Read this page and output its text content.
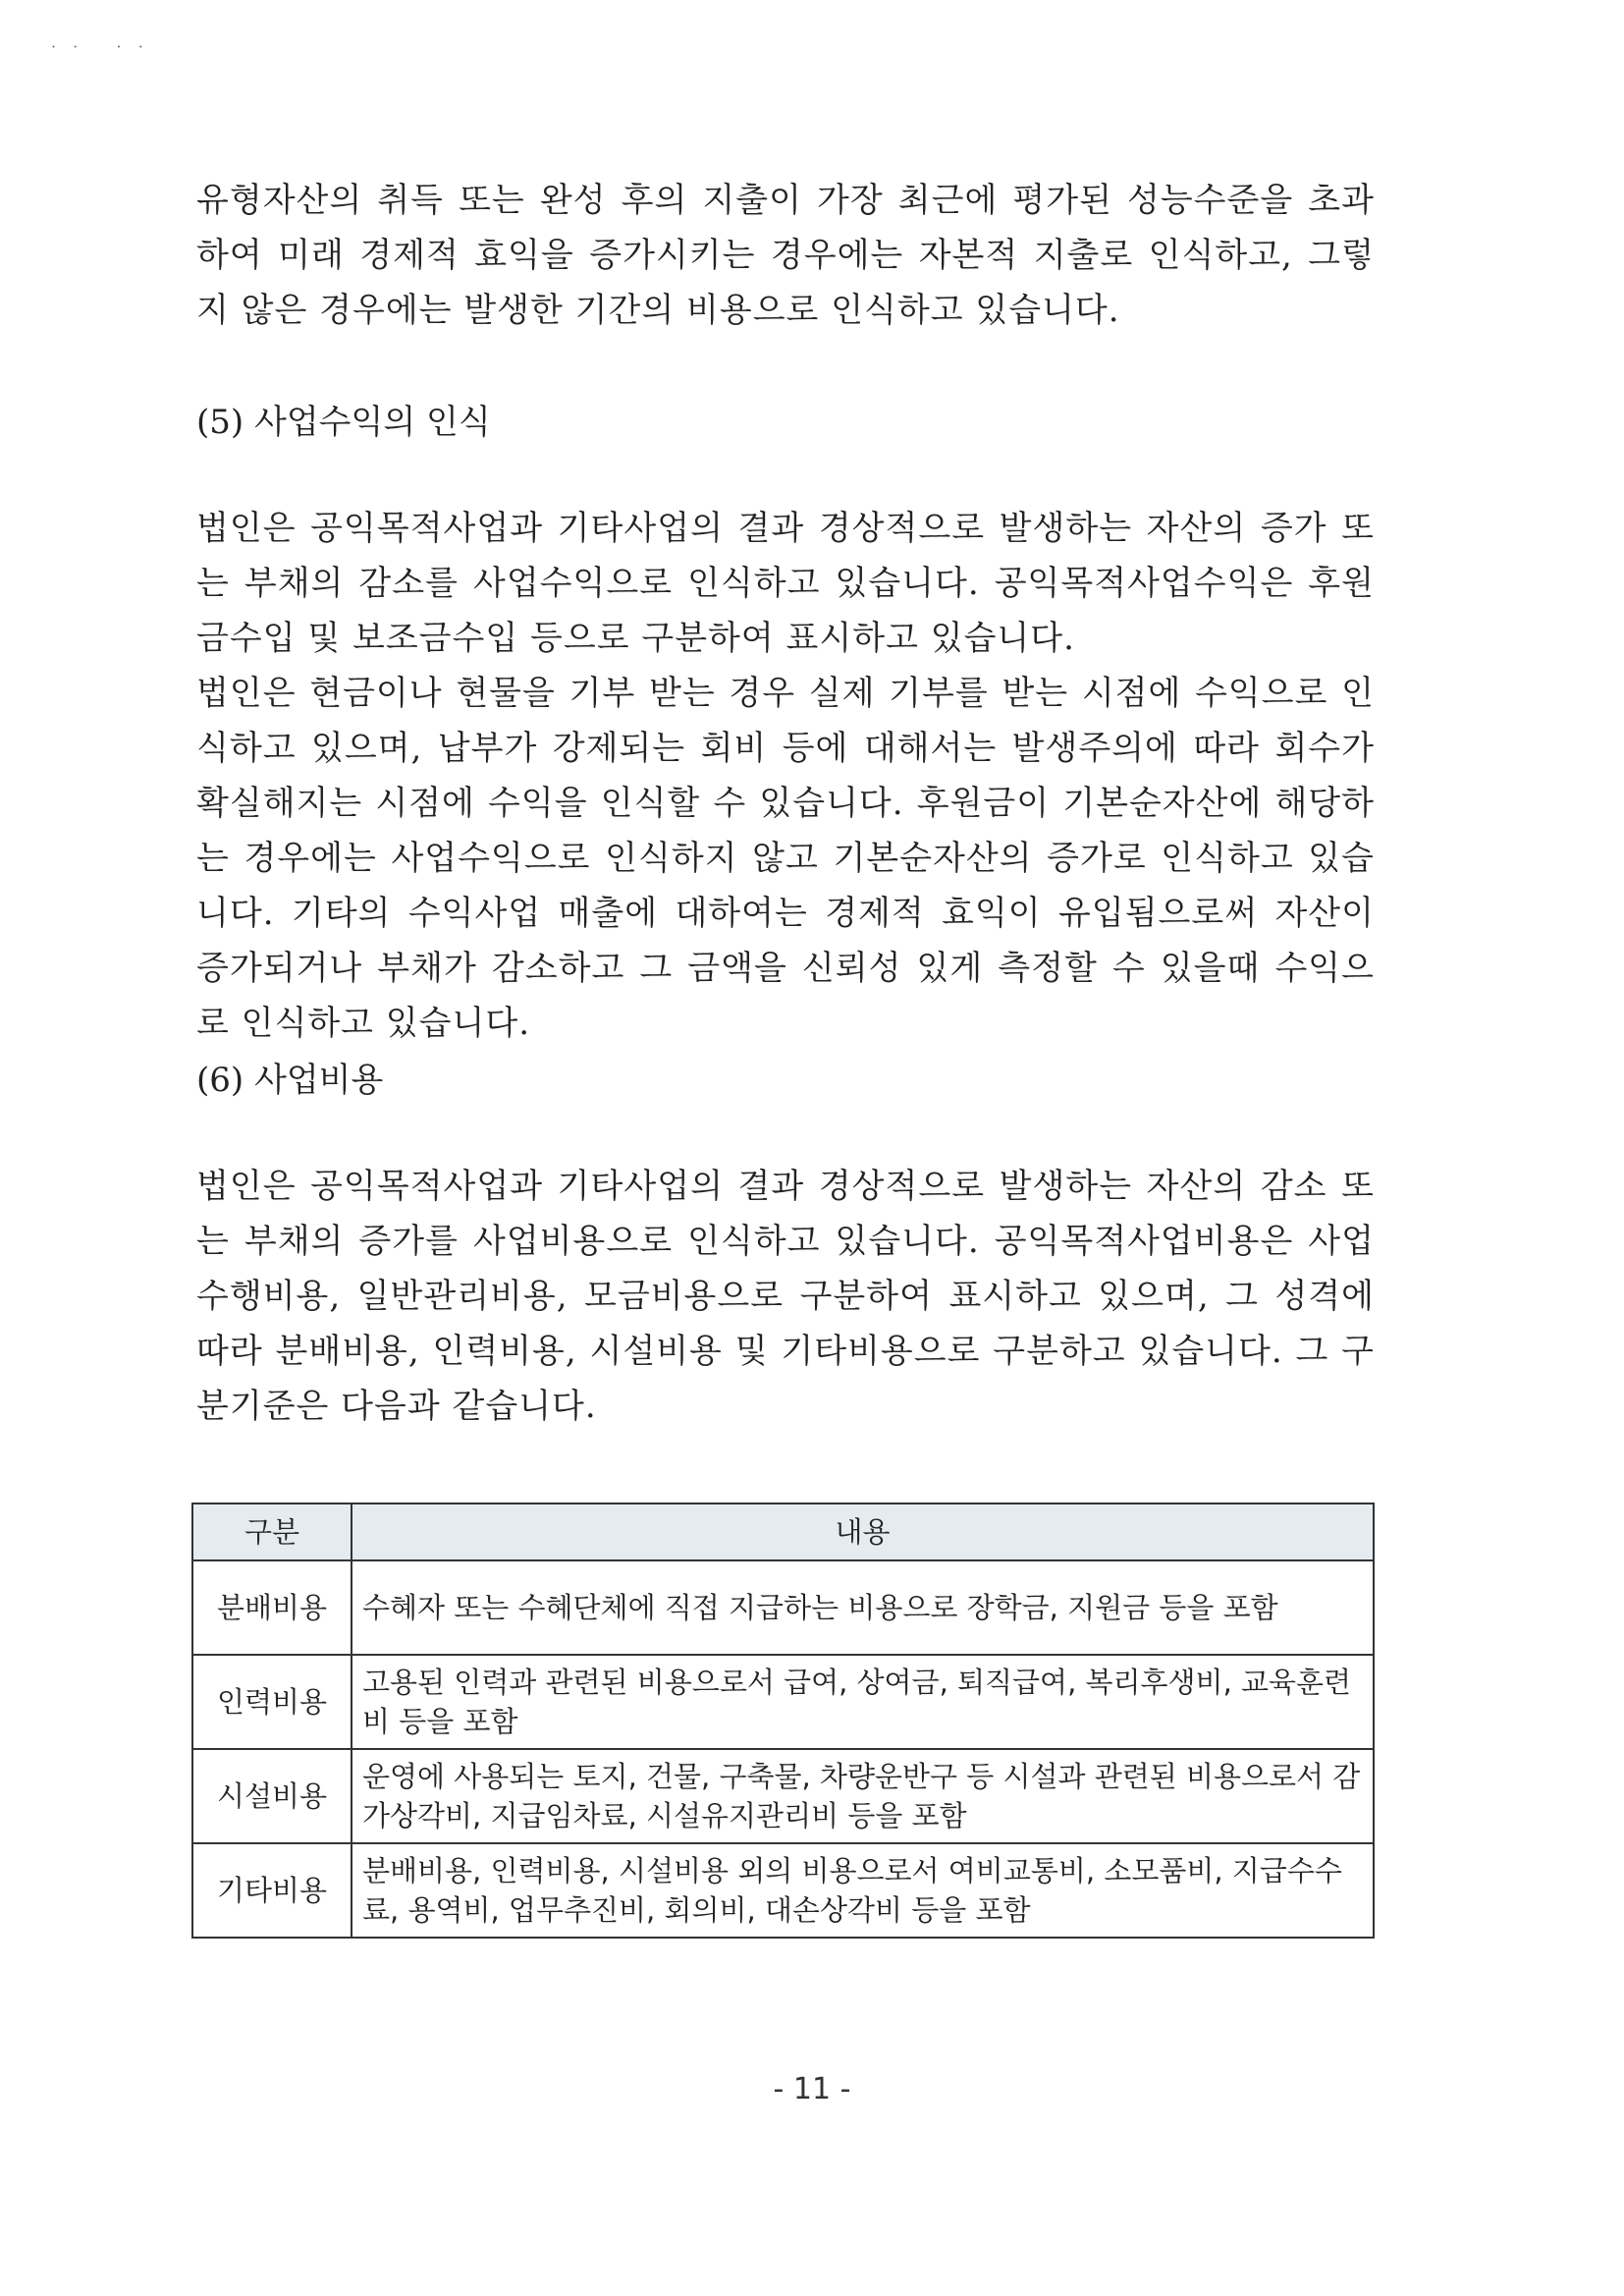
· ·   · ·

유형자산의 취득 또는 완성 후의 지출이 가장 최근에 평가된 성능수준을 초과하여 미래 경제적 효익을 증가시키는 경우에는 자본적 지출로 인식하고, 그렇지 않은 경우에는 발생한 기간의 비용으로 인식하고 있습니다.

(5) 사업수익의 인식

법인은 공익목적사업과 기타사업의 결과 경상적으로 발생하는 자산의 증가 또는 부채의 감소를 사업수익으로 인식하고 있습니다. 공익목적사업수익은 후원금수입 및 보조금수입 등으로 구분하여 표시하고 있습니다.

법인은 현금이나 현물을 기부 받는 경우 실제 기부를 받는 시점에 수익으로 인식하고 있으며, 납부가 강제되는 회비 등에 대해서는 발생주의에 따라 회수가 확실해지는 시점에 수익을 인식할 수 있습니다. 후원금이 기본순자산에 해당하는 경우에는 사업수익으로 인식하지 않고 기본순자산의 증가로 인식하고 있습니다. 기타의 수익사업 매출에 대하여는 경제적 효익이 유입됨으로써 자산이 증가되거나 부채가 감소하고 그 금액을 신뢰성 있게 측정할 수 있을때 수익으로 인식하고 있습니다.

(6) 사업비용

법인은 공익목적사업과 기타사업의 결과 경상적으로 발생하는 자산의 감소 또는 부채의 증가를 사업비용으로 인식하고 있습니다. 공익목적사업비용은 사업수행비용, 일반관리비용, 모금비용으로 구분하여 표시하고 있으며, 그 성격에 따라 분배비용, 인력비용, 시설비용 및 기타비용으로 구분하고 있습니다. 그 구분기준은 다음과 같습니다.

구분	내용
분배비용	수혜자 또는 수혜단체에 직접 지급하는 비용으로 장학금, 지원금 등을 포함
인력비용	고용된 인력과 관련된 비용으로서 급여, 상여금, 퇴직급여, 복리후생비, 교육훈련비 등을 포함
시설비용	운영에 사용되는 토지, 건물, 구축물, 차량운반구 등 시설과 관련된 비용으로서 감가상각비, 지급임차료, 시설유지관리비 등을 포함
기타비용	분배비용, 인력비용, 시설비용 외의 비용으로서 여비교통비, 소모품비, 지급수수료, 용역비, 업무추진비, 회의비, 대손상각비 등을 포함
- 11 -
